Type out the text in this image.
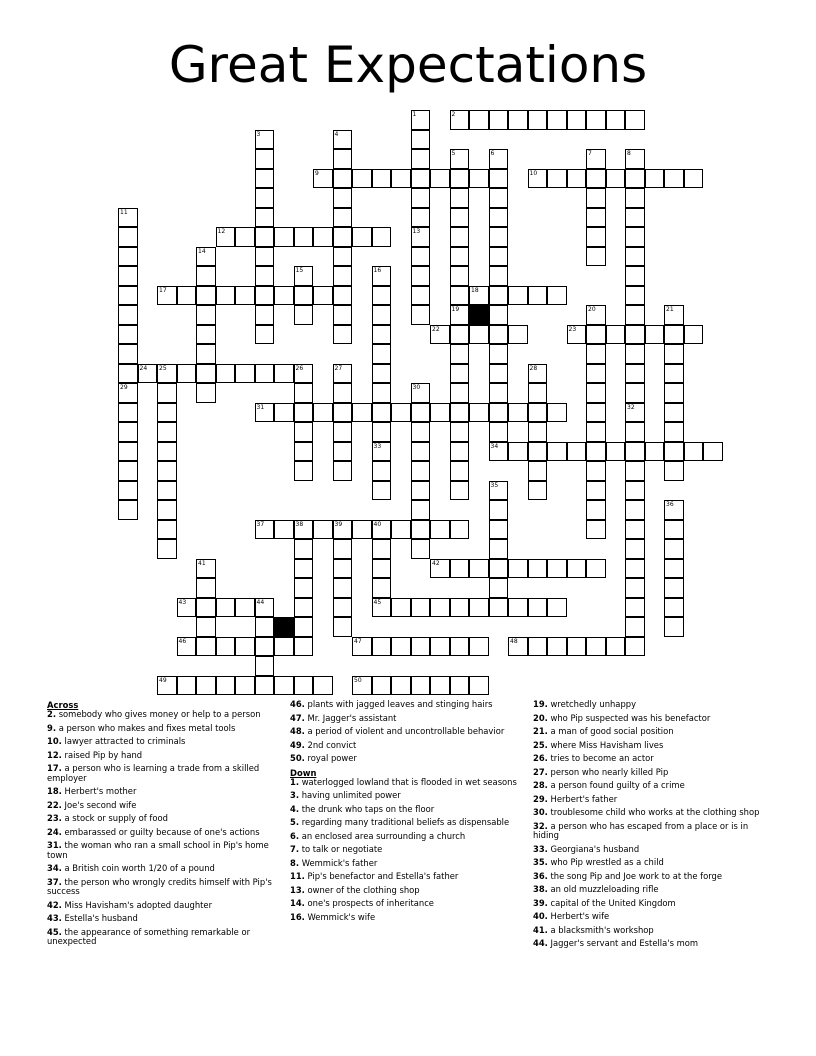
Great Expectations
2
9	10
12
17	18
22	23
24 25
31
34
37	38	39	40
42
43	44	45
46	47	48
49	50
1
13
3	4
5
19
6	7	8
32
11
29
14
15	16
33
20	21
26	27	28
30
35
36
41
Across
2. somebody who gives money or help to a person
9. a person who makes and fixes metal tools
10. lawyer attracted to criminals
12. raised Pip by hand
17. a person who is learning a trade from a skilled employer
18. Herbert's mother
22. Joe's second wife
23. a stock or supply of food
24. embarassed or guilty because of one's actions
31. the woman who ran a small school in Pip's home town
34. a British coin worth 1/20 of a pound
37. the person who wrongly credits himself with Pip's success
42. Miss Havisham's adopted daughter
43. Estella's husband
45. the appearance of something remarkable or unexpected
46. plants with jagged leaves and stinging hairs
47. Mr. Jagger's assistant
48. a period of violent and uncontrollable behavior
49. 2nd convict
50. royal power
Down
1. waterlogged lowland that is flooded in wet seasons
3. having unlimited power
4. the drunk who taps on the floor
5. regarding many traditional beliefs as dispensable
6. an enclosed area surrounding a church
7. to talk or negotiate
8. Wemmick's father
11. Pip's benefactor and Estella's father
13. owner of the clothing shop
14. one's prospects of inheritance
16. Wemmick's wife
19. wretchedly unhappy
20. who Pip suspected was his benefactor
21. a man of good social position
25. where Miss Havisham lives
26. tries to become an actor
27. person who nearly killed Pip
28. a person found guilty of a crime
29. Herbert's father
30. troublesome child who works at the clothing shop
32. a person who has escaped from a place or is in hiding
33. Georgiana's husband
35. who Pip wrestled as a child
36. the song Pip and Joe work to at the forge
38. an old muzzleloading rifle
39. capital of the United Kingdom
40. Herbert's wife
41. a blacksmith's workshop
44. Jagger's servant and Estella's mom
